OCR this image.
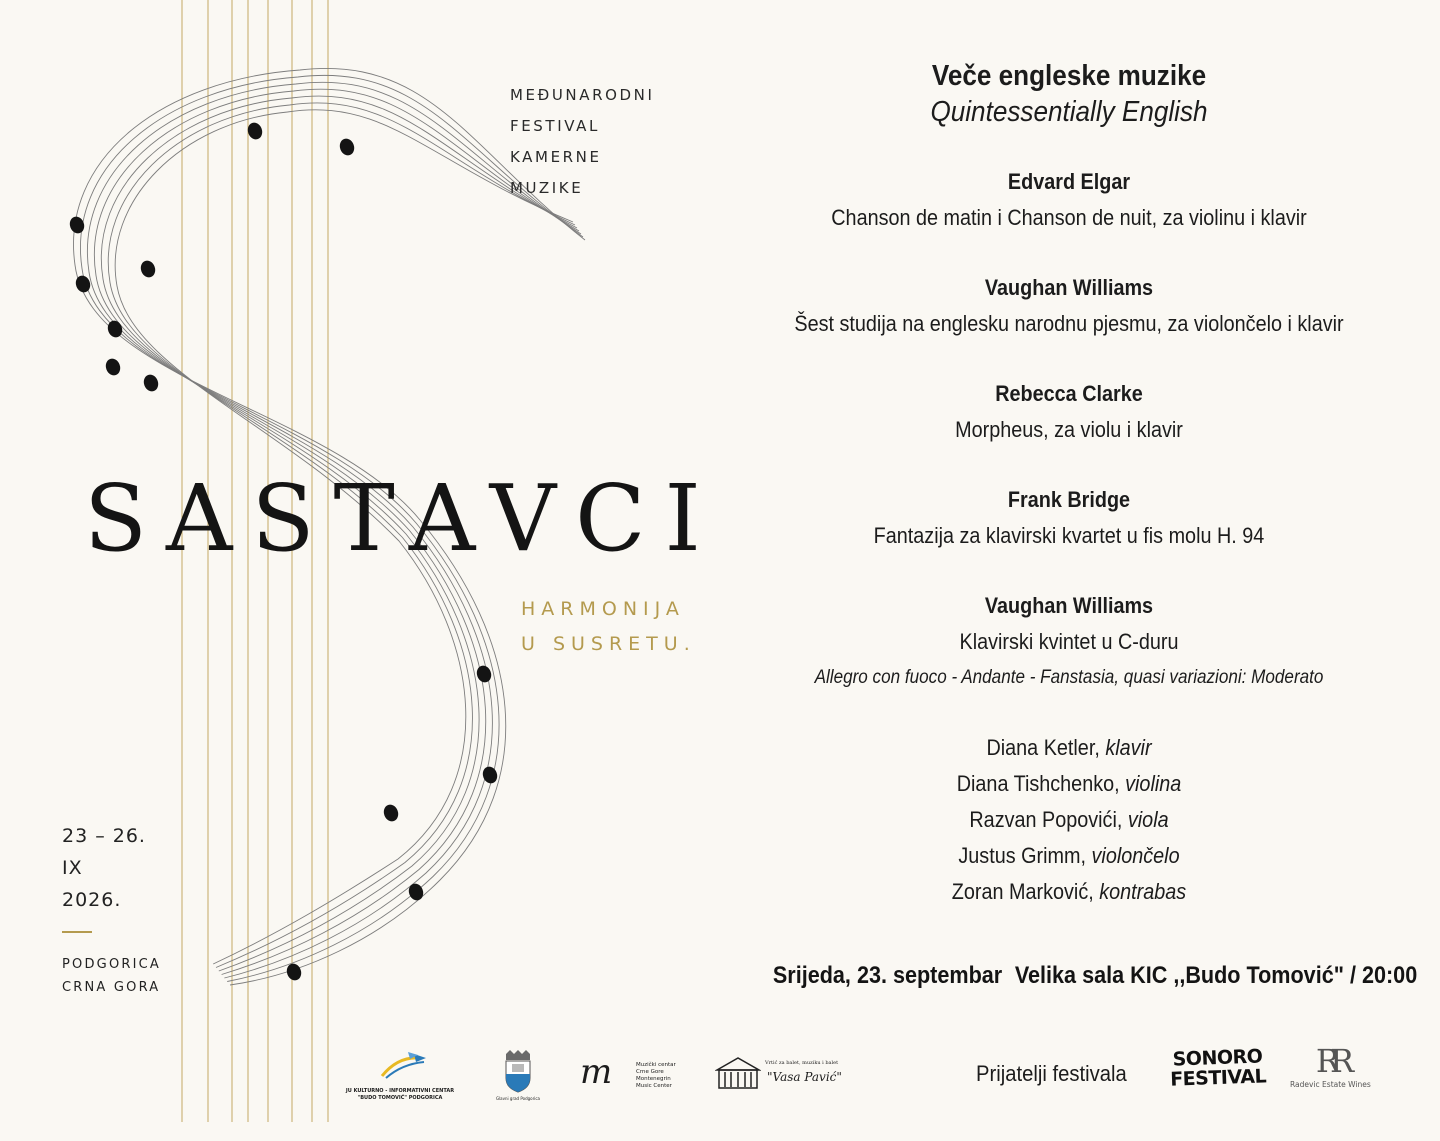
MEĐUNARODNI
FESTIVAL
KAMERNE
MUZIKE
SASTAVCI
HARMONIJA
U SUSRETU.
23 – 26.
IX
2026.
PODGORICA
CRNA GORA
Veče engleske muzike
Quintessentially English
Edvard Elgar
Chanson de matin i Chanson de nuit, za violinu i klavir
Vaughan Williams
Šest studija na englesku narodnu pjesmu, za violončelo i klavir
Rebecca Clarke
Morpheus, za violu i klavir
Frank Bridge
Fantazija za klavirski kvartet u fis molu H. 94
Vaughan Williams
Klavirski kvintet u C-duru
Allegro con fuoco - Andante - Fanstasia, quasi variazioni: Moderato
Diana Ketler, klavir
Diana Tishchenko, violina
Razvan Popovići, viola
Justus Grimm, violončelo
Zoran Marković, kontrabas
Srijeda, 23. septembar Velika sala KIC ,,Budo Tomović" / 20:00
JU KULTURNO - INFORMATIVNI CENTAR "BUDO TOMOVIĆ" PODGORICA	Glavni grad Podgorica
m	Muzički centar
Crne Gore
Montenegrin
Music Center
Vrtić za balet, muziku i balet
"Vasa Pavić"	Prijatelji festivala
SONORO
FESTIVAL	RR
Radevic Estate Wines
